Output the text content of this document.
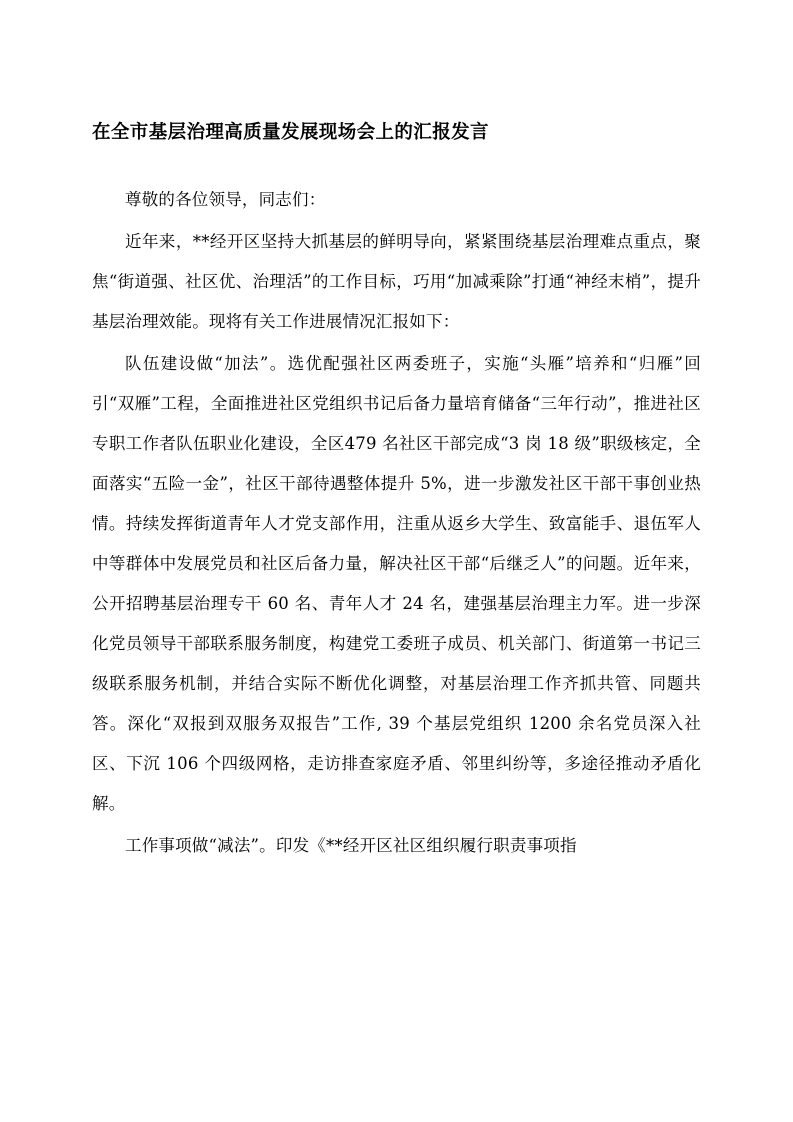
在全市基层治理高质量发展现场会上的汇报发言

尊敬的各位领导，同志们：

近年来，**经开区坚持大抓基层的鲜明导向，紧紧围绕基层治理难点重点，聚焦“街道强、社区优、治理活”的工作目标，巧用“加减乘除”打通“神经末梢”，提升基层治理效能。现将有关工作进展情况汇报如下：

队伍建设做“加法”。选优配强社区两委班子，实施“头雁”培养和“归雁”回引“双雁”工程，全面推进社区党组织书记后备力量培育储备“三年行动”，推进社区专职工作者队伍职业化建设，全区479 名社区干部完成“3 岗 18 级”职级核定，全面落实“五险一金”，社区干部待遇整体提升 5%，进一步激发社区干部干事创业热情。持续发挥街道青年人才党支部作用，注重从返乡大学生、致富能手、退伍军人中等群体中发展党员和社区后备力量，解决社区干部“后继乏人”的问题。近年来，公开招聘基层治理专干 60 名、青年人才 24 名，建强基层治理主力军。进一步深化党员领导干部联系服务制度，构建党工委班子成员、机关部门、街道第一书记三级联系服务机制，并结合实际不断优化调整，对基层治理工作齐抓共管、同题共答。深化“双报到双服务双报告”工作, 39 个基层党组织 1200 余名党员深入社区、下沉 106 个四级网格，走访排查家庭矛盾、邻里纠纷等，多途径推动矛盾化解。

工作事项做“减法”。印发《**经开区社区组织履行职责事项指
